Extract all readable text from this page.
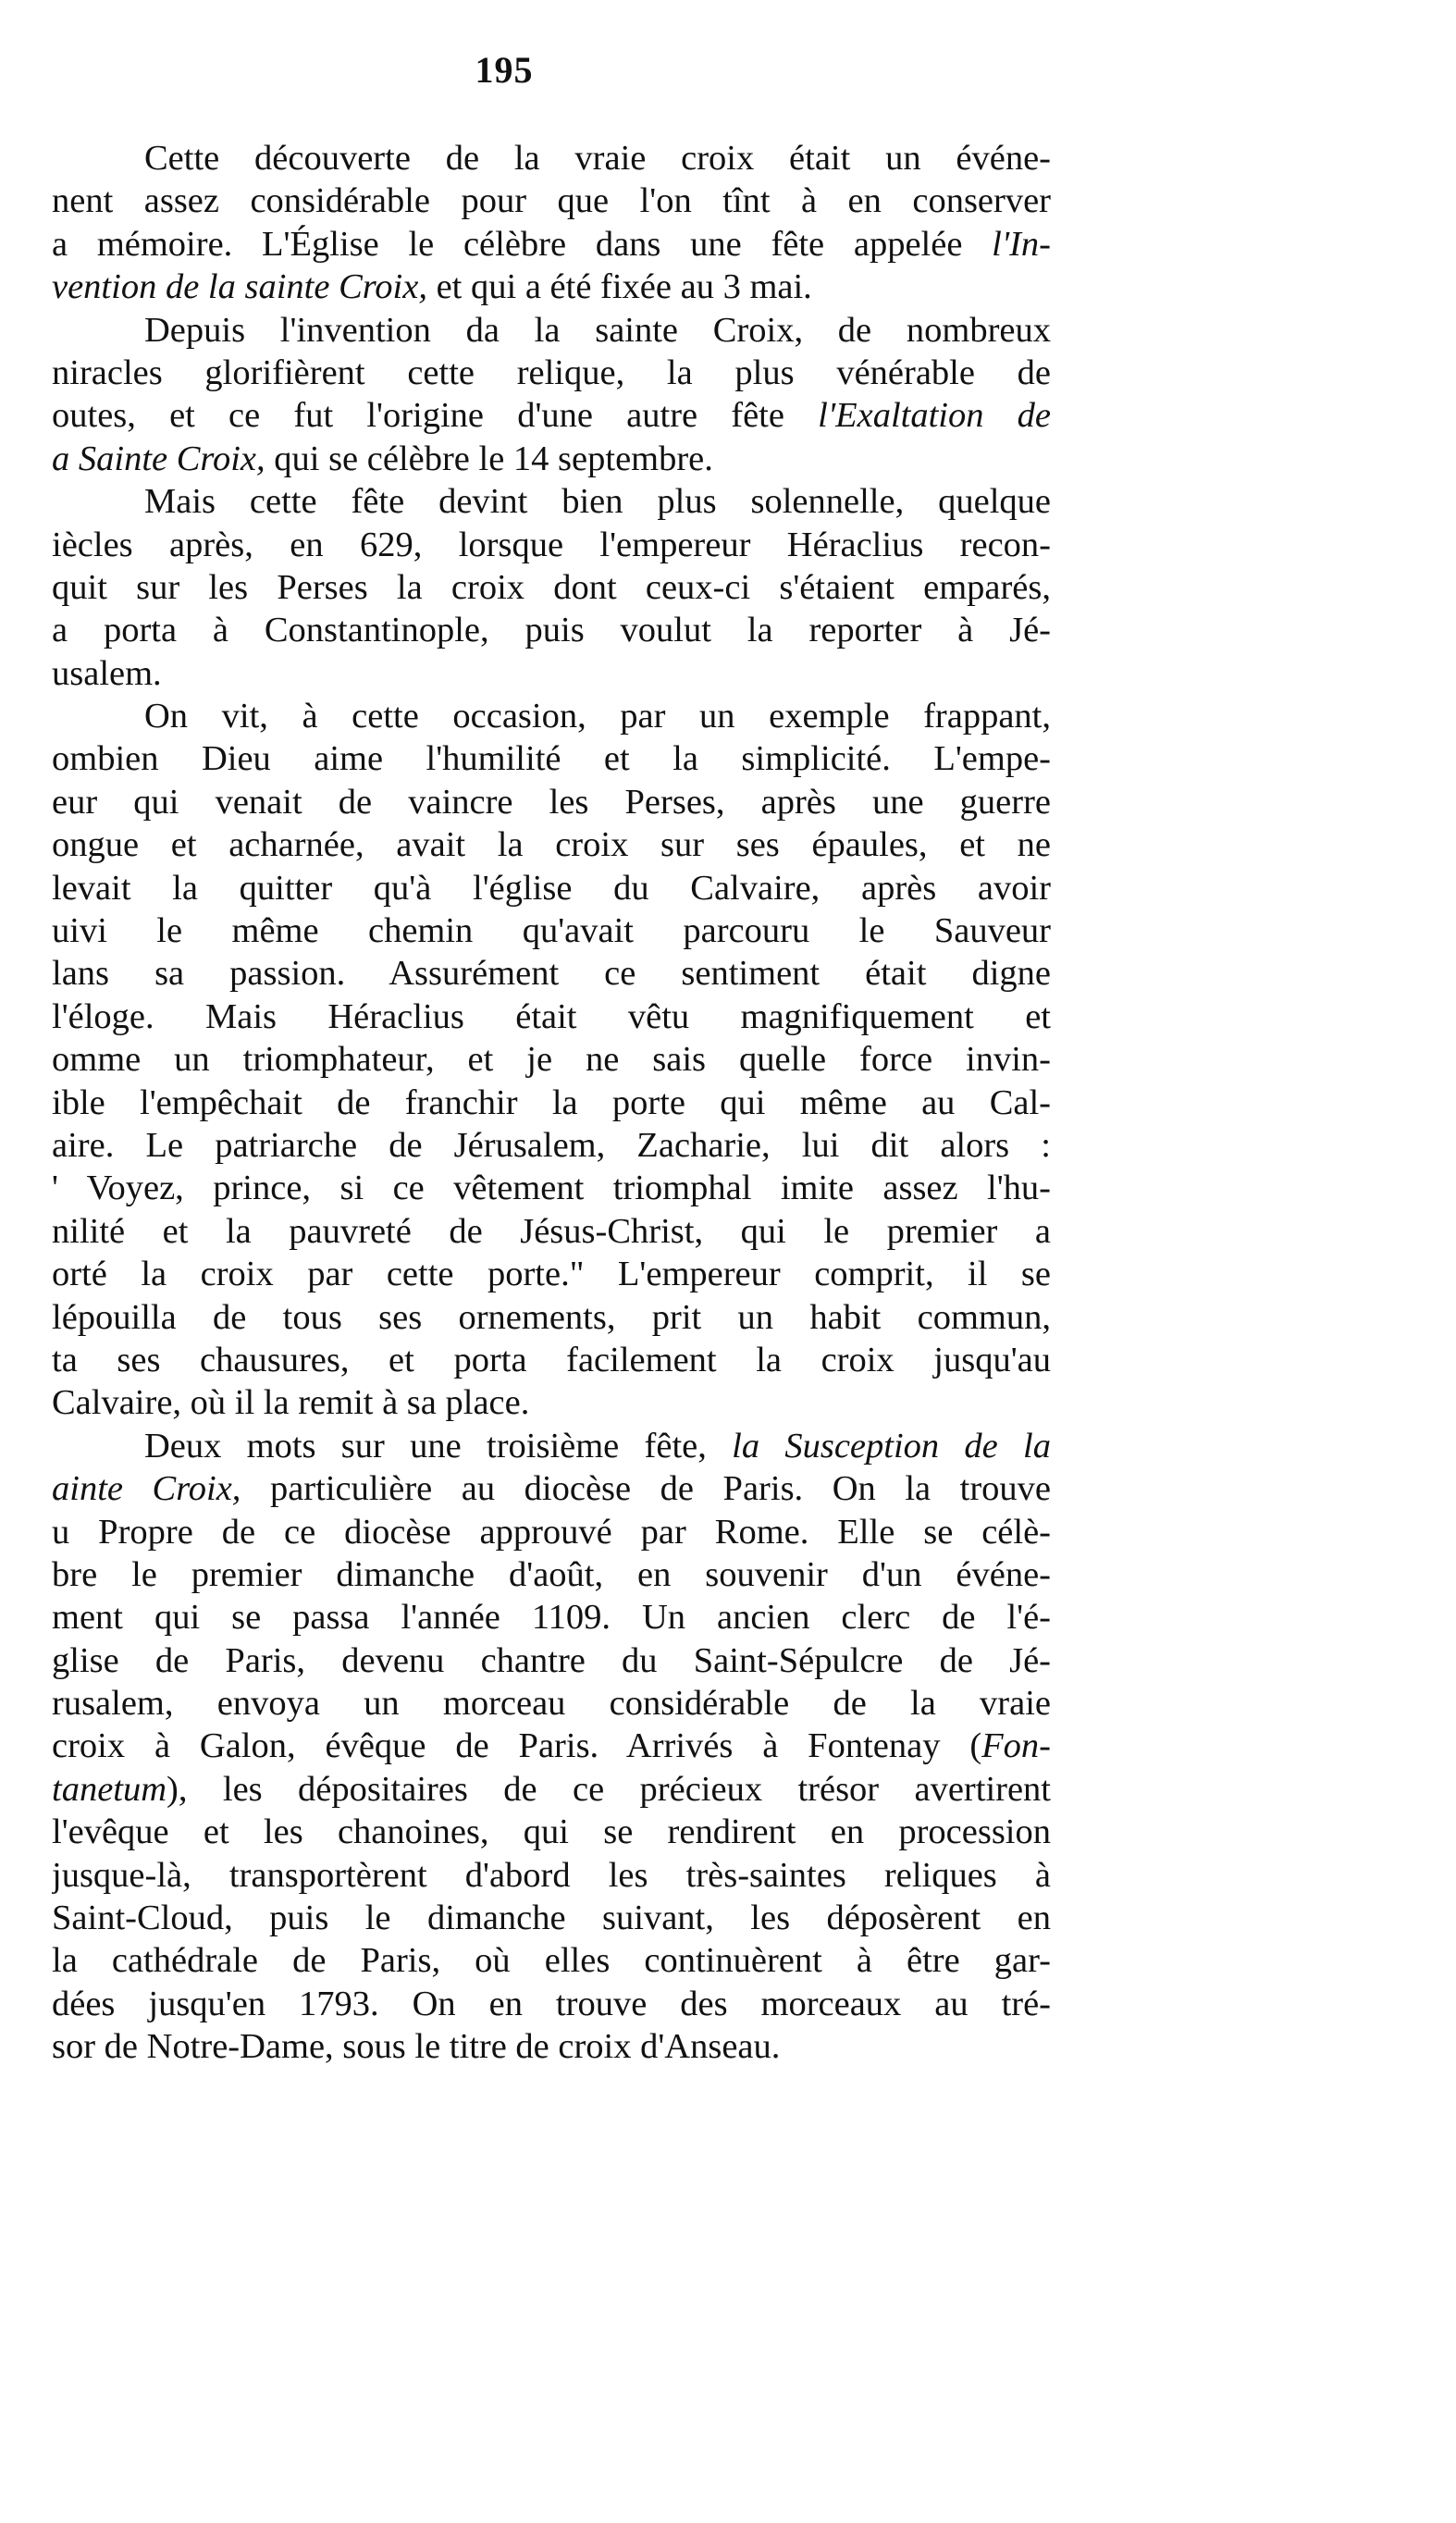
195
Cette découverte de la vraie croix était un événe-
nent assez considérable pour que l'on tînt à en conserver
a mémoire. L'Église le célèbre dans une fête appelée l'In-
vention de la sainte Croix, et qui a été fixée au 3 mai.
Depuis l'invention da la sainte Croix, de nombreux
niracles glorifièrent cette relique, la plus vénérable de
outes, et ce fut l'origine d'une autre fête l'Exaltation de
a Sainte Croix, qui se célèbre le 14 septembre.
Mais cette fête devint bien plus solennelle, quelque
iècles après, en 629, lorsque l'empereur Héraclius recon-
quit sur les Perses la croix dont ceux-ci s'étaient emparés,
a porta à Constantinople, puis voulut la reporter à Jé-
usalem.
On vit, à cette occasion, par un exemple frappant,
ombien Dieu aime l'humilité et la simplicité. L'empe-
eur qui venait de vaincre les Perses, après une guerre
ongue et acharnée, avait la croix sur ses épaules, et ne
levait la quitter qu'à l'église du Calvaire, après avoir
uivi le même chemin qu'avait parcouru le Sauveur
lans sa passion. Assurément ce sentiment était digne
l'éloge. Mais Héraclius était vêtu magnifiquement et
omme un triomphateur, et je ne sais quelle force invin-
ible l'empêchait de franchir la porte qui même au Cal-
aire. Le patriarche de Jérusalem, Zacharie, lui dit alors :
' Voyez, prince, si ce vêtement triomphal imite assez l'hu-
nilité et la pauvreté de Jésus-Christ, qui le premier a
orté la croix par cette porte." L'empereur comprit, il se
lépouilla de tous ses ornements, prit un habit commun,
ta ses chausures, et porta facilement la croix jusqu'au
Calvaire, où il la remit à sa place.
Deux mots sur une troisième fête, la Susception de la
ainte Croix, particulière au diocèse de Paris. On la trouve
u Propre de ce diocèse approuvé par Rome. Elle se célè-
bre le premier dimanche d'août, en souvenir d'un événe-
ment qui se passa l'année 1109. Un ancien clerc de l'é-
glise de Paris, devenu chantre du Saint-Sépulcre de Jé-
rusalem, envoya un morceau considérable de la vraie
croix à Galon, évêque de Paris. Arrivés à Fontenay (Fon-
tanetum), les dépositaires de ce précieux trésor avertirent
l'evêque et les chanoines, qui se rendirent en procession
jusque-là, transportèrent d'abord les très-saintes reliques à
Saint-Cloud, puis le dimanche suivant, les déposèrent en
la cathédrale de Paris, où elles continuèrent à être gar-
dées jusqu'en 1793. On en trouve des morceaux au tré-
sor de Notre-Dame, sous le titre de croix d'Anseau.
